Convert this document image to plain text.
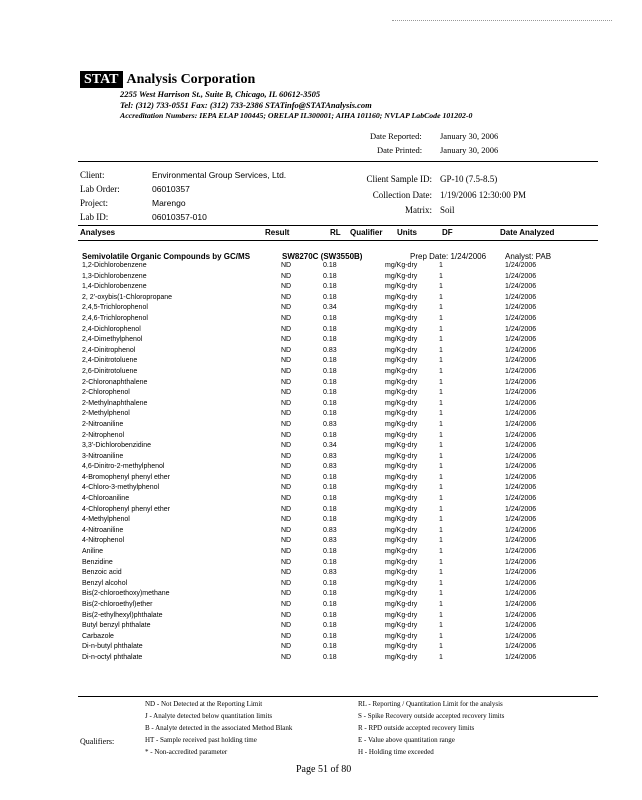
STAT Analysis Corporation
2255 West Harrison St., Suite B, Chicago, IL 60612-3505
Tel: (312) 733-0551 Fax: (312) 733-2386 STATinfo@STATAnalysis.com
Accreditation Numbers: IEPA ELAP 100445; ORELAP IL300001; AIHA 101160; NVLAP LabCode 101202-0
Date Reported: January 30, 2006
Date Printed: January 30, 2006
Client:	Environmental Group Services, Ltd.
Lab Order:	06010357
Project:	Marengo
Lab ID:	06010357-010
Client Sample ID: GP-10 (7.5-8.5)
Collection Date: 1/19/2006 12:30:00 PM
Matrix: Soil
Analyses	Result	RL Qualifier Units	DF	Date Analyzed
Semivolatile Organic Compounds by GC/MS	SW8270C (SW3550B)	Prep Date: 1/24/2006 Analyst: PAB
1,2-Dichlorobenzene	ND	0.18	mg/Kg-dry	1	1/24/2006
1,3-Dichlorobenzene	ND	0.18	mg/Kg-dry	1	1/24/2006
1,4-Dichlorobenzene	ND	0.18	mg/Kg-dry	1	1/24/2006
2, 2'-oxybis(1-Chloropropane	ND	0.18	mg/Kg-dry	1	1/24/2006
2,4,5-Trichlorophenol	ND	0.34	mg/Kg-dry	1	1/24/2006
2,4,6-Trichlorophenol	ND	0.18	mg/Kg-dry	1	1/24/2006
2,4-Dichlorophenol	ND	0.18	mg/Kg-dry	1	1/24/2006
2,4-Dimethylphenol	ND	0.18	mg/Kg-dry	1	1/24/2006
2,4-Dinitrophenol	ND	0.83	mg/Kg-dry	1	1/24/2006
2,4-Dinitrotoluene	ND	0.18	mg/Kg-dry	1	1/24/2006
2,6-Dinitrotoluene	ND	0.18	mg/Kg-dry	1	1/24/2006
2-Chloronaphthalene	ND	0.18	mg/Kg-dry	1	1/24/2006
2-Chlorophenol	ND	0.18	mg/Kg-dry	1	1/24/2006
2-Methylnaphthalene	ND	0.18	mg/Kg-dry	1	1/24/2006
2-Methylphenol	ND	0.18	mg/Kg-dry	1	1/24/2006
2-Nitroaniline	ND	0.83	mg/Kg-dry	1	1/24/2006
2-Nitrophenol	ND	0.18	mg/Kg-dry	1	1/24/2006
3,3'-Dichlorobenzidine	ND	0.34	mg/Kg-dry	1	1/24/2006
3-Nitroaniline	ND	0.83	mg/Kg-dry	1	1/24/2006
4,6-Dinitro-2-methylphenol	ND	0.83	mg/Kg-dry	1	1/24/2006
4-Bromophenyl phenyl ether	ND	0.18	mg/Kg-dry	1	1/24/2006
4-Chloro-3-methylphenol	ND	0.18	mg/Kg-dry	1	1/24/2006
4-Chloroaniline	ND	0.18	mg/Kg-dry	1	1/24/2006
4-Chlorophenyl phenyl ether	ND	0.18	mg/Kg-dry	1	1/24/2006
4-Methylphenol	ND	0.18	mg/Kg-dry	1	1/24/2006
4-Nitroaniline	ND	0.83	mg/Kg-dry	1	1/24/2006
4-Nitrophenol	ND	0.83	mg/Kg-dry	1	1/24/2006
Aniline	ND	0.18	mg/Kg-dry	1	1/24/2006
Benzidine	ND	0.18	mg/Kg-dry	1	1/24/2006
Benzoic acid	ND	0.83	mg/Kg-dry	1	1/24/2006
Benzyl alcohol	ND	0.18	mg/Kg-dry	1	1/24/2006
Bis(2-chloroethoxy)methane	ND	0.18	mg/Kg-dry	1	1/24/2006
Bis(2-chloroethyl)ether	ND	0.18	mg/Kg-dry	1	1/24/2006
Bis(2-ethylhexyl)phthalate	ND	0.18	mg/Kg-dry	1	1/24/2006
Butyl benzyl phthalate	ND	0.18	mg/Kg-dry	1	1/24/2006
Carbazole	ND	0.18	mg/Kg-dry	1	1/24/2006
Di-n-butyl phthalate	ND	0.18	mg/Kg-dry	1	1/24/2006
Di-n-octyl phthalate	ND	0.18	mg/Kg-dry	1	1/24/2006
Qualifiers:
ND - Not Detected at the Reporting Limit
J - Analyte detected below quantitation limits
B - Analyte detected in the associated Method Blank
HT - Sample received past holding time
* - Non-accredited parameter
RL - Reporting / Quantitation Limit for the analysis
S - Spike Recovery outside accepted recovery limits
R - RPD outside accepted recovery limits
E - Value above quantitation range
H - Holding time exceeded
Page 51 of 80
